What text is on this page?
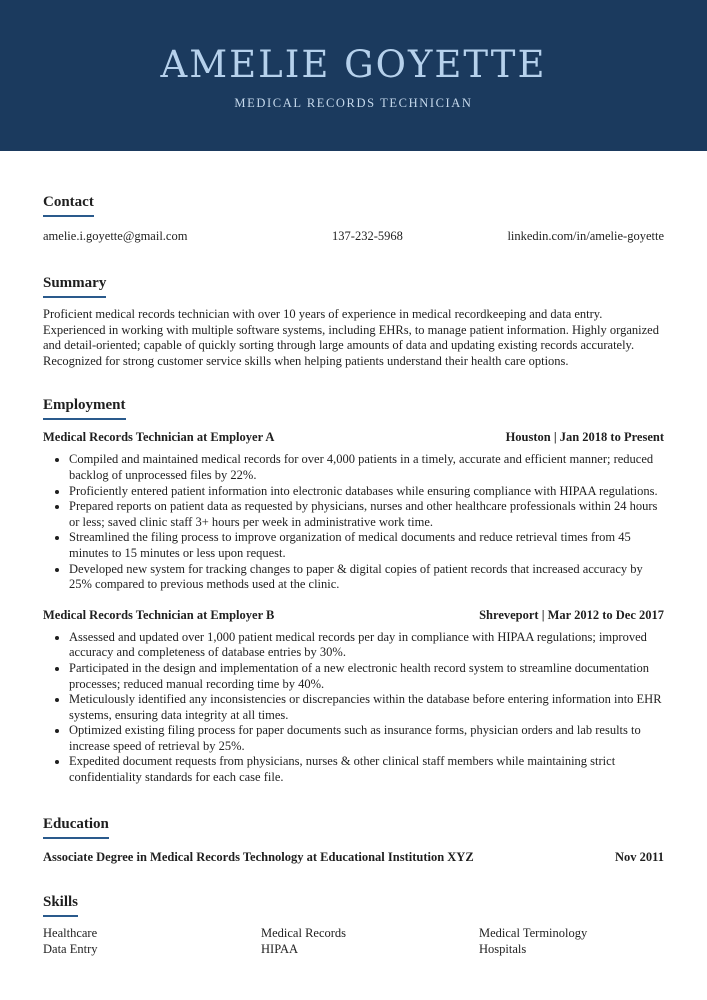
AMELIE GOYETTE
MEDICAL RECORDS TECHNICIAN
Contact
amelie.i.goyette@gmail.com	137-232-5968	linkedin.com/in/amelie-goyette
Summary
Proficient medical records technician with over 10 years of experience in medical recordkeeping and data entry. Experienced in working with multiple software systems, including EHRs, to manage patient information. Highly organized and detail-oriented; capable of quickly sorting through large amounts of data and updating existing records accurately. Recognized for strong customer service skills when helping patients understand their health care options.
Employment
Medical Records Technician at Employer A	Houston | Jan 2018 to Present
• Compiled and maintained medical records for over 4,000 patients in a timely, accurate and efficient manner; reduced backlog of unprocessed files by 22%.
• Proficiently entered patient information into electronic databases while ensuring compliance with HIPAA regulations.
• Prepared reports on patient data as requested by physicians, nurses and other healthcare professionals within 24 hours or less; saved clinic staff 3+ hours per week in administrative work time.
• Streamlined the filing process to improve organization of medical documents and reduce retrieval times from 45 minutes to 15 minutes or less upon request.
• Developed new system for tracking changes to paper & digital copies of patient records that increased accuracy by 25% compared to previous methods used at the clinic.
Medical Records Technician at Employer B	Shreveport | Mar 2012 to Dec 2017
• Assessed and updated over 1,000 patient medical records per day in compliance with HIPAA regulations; improved accuracy and completeness of database entries by 30%.
• Participated in the design and implementation of a new electronic health record system to streamline documentation processes; reduced manual recording time by 40%.
• Meticulously identified any inconsistencies or discrepancies within the database before entering information into EHR systems, ensuring data integrity at all times.
• Optimized existing filing process for paper documents such as insurance forms, physician orders and lab results to increase speed of retrieval by 25%.
• Expedited document requests from physicians, nurses & other clinical staff members while maintaining strict confidentiality standards for each case file.
Education
Associate Degree in Medical Records Technology at Educational Institution XYZ	Nov 2011
Skills
Healthcare	Medical Records	Medical Terminology
Data Entry	HIPAA	Hospitals
